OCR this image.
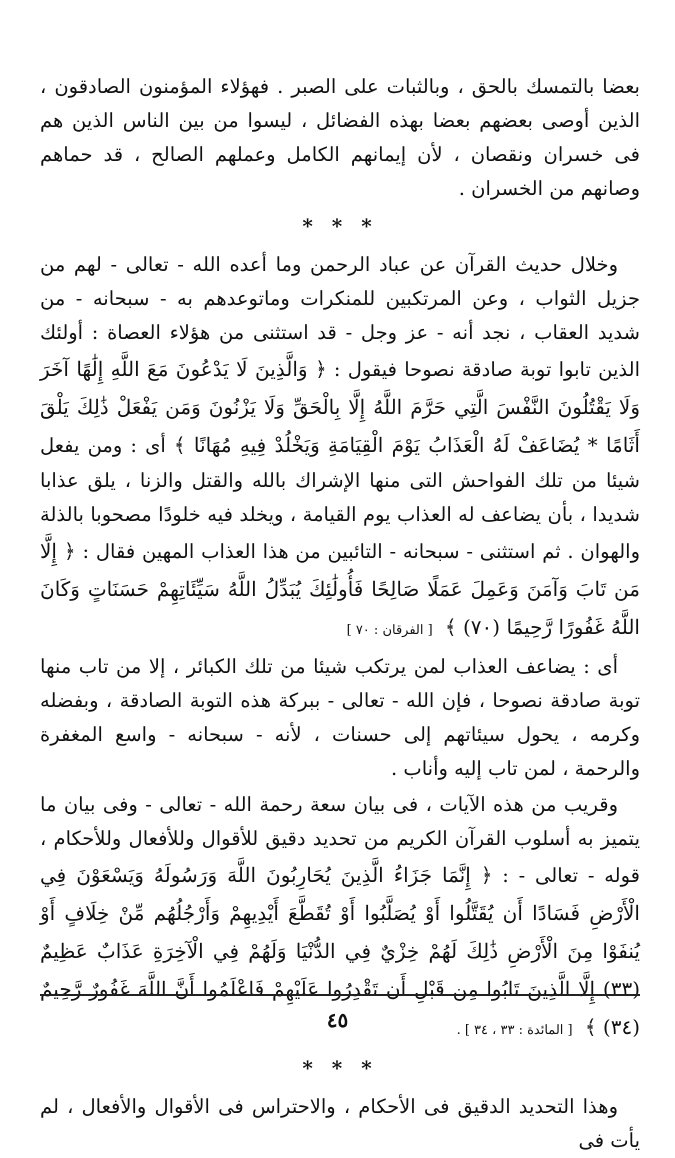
بعضا بالتمسك بالحق ، وبالثبات على الصبر . فهؤلاء المؤمنون الصادقون ، الذين أوصى بعضهم بعضا بهذه الفضائل ، ليسوا من بين الناس الذين هم فى خسران ونقصان ، لأن إيمانهم الكامل وعملهم الصالح ، قد حماهم وصانهم من الخسران .

* * *

وخلال حديث القرآن عن عباد الرحمن وما أعده الله - تعالى - لهم من جزيل الثواب ، وعن المرتكبين للمنكرات وماتوعدهم به - سبحانه - من شديد العقاب ، نجد أنه - عز وجل - قد استثنى من هؤلاء العصاة : أولئك الذين تابوا توبة صادقة نصوحا فيقول : ﴿ وَالَّذِينَ لَا يَدْعُونَ مَعَ اللَّهِ إِلَٰهًا آخَرَ وَلَا يَقْتُلُونَ النَّفْسَ الَّتِي حَرَّمَ اللَّهُ إِلَّا بِالْحَقِّ وَلَا يَزْنُونَ وَمَن يَفْعَلْ ذَٰلِكَ يَلْقَ أَثَامًا * يُضَاعَفْ لَهُ الْعَذَابُ يَوْمَ الْقِيَامَةِ وَيَخْلُدْ فِيهِ مُهَانًا ﴾ أى : ومن يفعل شيئا من تلك الفواحش التى منها الإشراك بالله والقتل والزنا ، يلق عذابا شديدا ، بأن يضاعف له العذاب يوم القيامة ، ويخلد فيه خلودًا مصحوبا بالذلة والهوان . ثم استثنى - سبحانه - التائبين من هذا العذاب المهين فقال : ﴿ إِلَّا مَن تَابَ وَآمَنَ وَعَمِلَ عَمَلًا صَالِحًا فَأُولَٰئِكَ يُبَدِّلُ اللَّهُ سَيِّئَاتِهِمْ حَسَنَاتٍ وَكَانَ اللَّهُ غَفُورًا رَّحِيمًا (٧٠) ﴾ [ الفرقان : ٧٠ ]

أى : يضاعف العذاب لمن يرتكب شيئا من تلك الكبائر ، إلا من تاب منها توبة صادقة نصوحا ، فإن الله - تعالى - ببركة هذه التوبة الصادقة ، وبفضله وكرمه ، يحول سيئاتهم إلى حسنات ، لأنه - سبحانه - واسع المغفرة والرحمة ، لمن تاب إليه وأناب .

وقريب من هذه الآيات ، فى بيان سعة رحمة الله - تعالى - وفى بيان ما يتميز به أسلوب القرآن الكريم من تحديد دقيق للأقوال وللأفعال وللأحكام ، قوله - تعالى - : ﴿ إِنَّمَا جَزَاءُ الَّذِينَ يُحَارِبُونَ اللَّهَ وَرَسُولَهُ وَيَسْعَوْنَ فِي الْأَرْضِ فَسَادًا أَن يُقَتَّلُوا أَوْ يُصَلَّبُوا أَوْ تُقَطَّعَ أَيْدِيهِمْ وَأَرْجُلُهُم مِّنْ خِلَافٍ أَوْ يُنفَوْا مِنَ الْأَرْضِ ذَٰلِكَ لَهُمْ خِزْيٌ فِي الدُّنْيَا وَلَهُمْ فِي الْآخِرَةِ عَذَابٌ عَظِيمٌ (٣٣) إِلَّا الَّذِينَ تَابُوا مِن قَبْلِ أَن تَقْدِرُوا عَلَيْهِمْ فَاعْلَمُوا أَنَّ اللَّهَ غَفُورٌ رَّحِيمٌ (٣٤) ﴾ [ المائدة : ٣٣ ، ٣٤ ] .

* * *

وهذا التحديد الدقيق فى الأحكام ، والاحتراس فى الأقوال والأفعال ، لم يأت فى

٤٥
